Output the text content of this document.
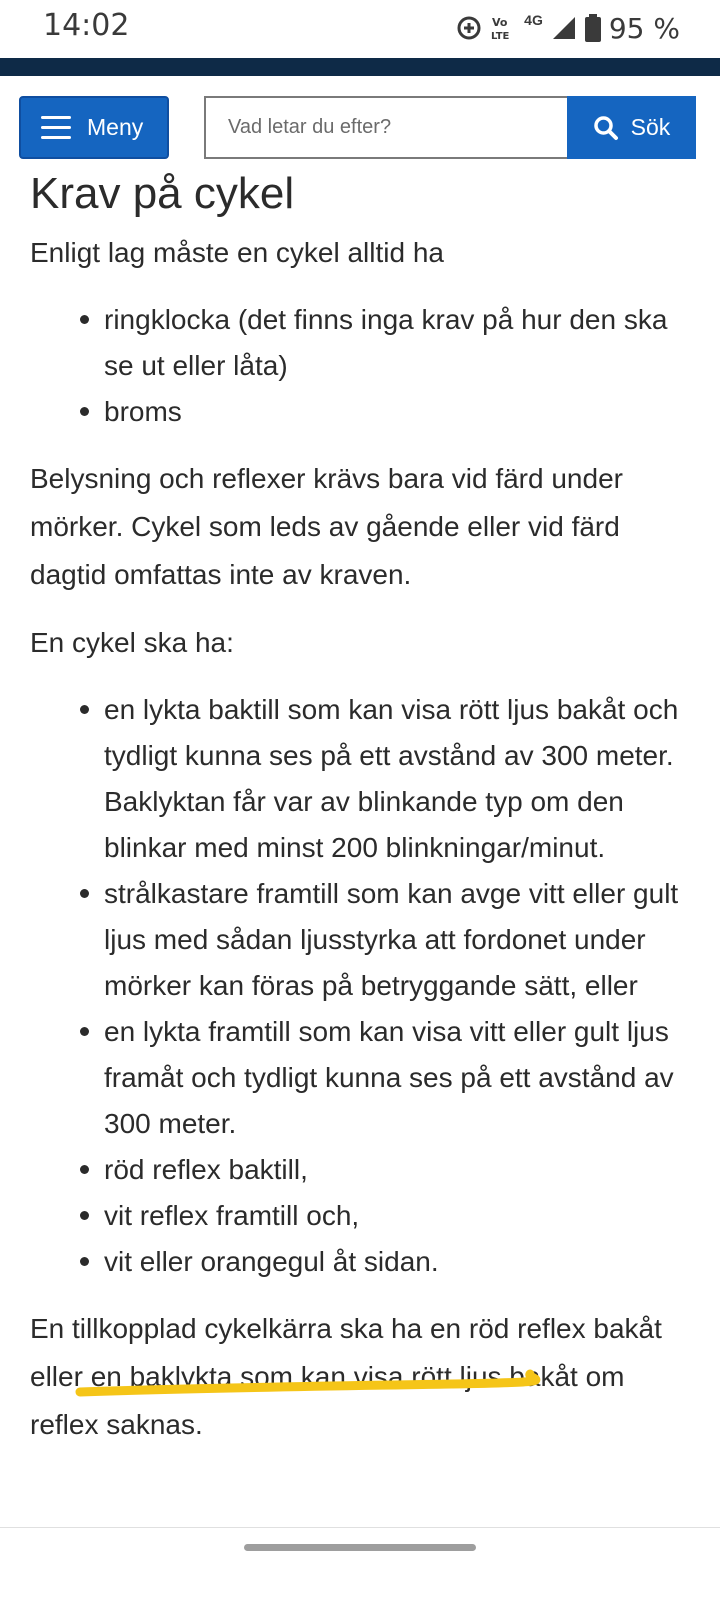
14:02	Vo
LTE
4G 95 %
Meny
Vad letar du efter?	Sök
Krav på cykel

Enligt lag måste en cykel alltid ha

ringklocka (det finns inga krav på hur den ska se ut eller låta)
broms

Belysning och reflexer krävs bara vid färd under mörker. Cykel som leds av gående eller vid färd dagtid omfattas inte av kraven.

En cykel ska ha:

en lykta baktill som kan visa rött ljus bakåt och tydligt kunna ses på ett avstånd av 300 meter. Baklyktan får var av blinkande typ om den blinkar med minst 200 blinkningar/minut.
strålkastare framtill som kan avge vitt eller gult ljus med sådan ljusstyrka att fordonet under mörker kan föras på betryggande sätt, eller
en lykta framtill som kan visa vitt eller gult ljus framåt och tydligt kunna ses på ett avstånd av 300 meter.
röd reflex baktill,
vit reflex framtill och,
vit eller orangegul åt sidan.

En tillkopplad cykelkärra ska ha en röd reflex bakåt eller en baklykta som kan visa rött ljus bakåt om reflex saknas.
